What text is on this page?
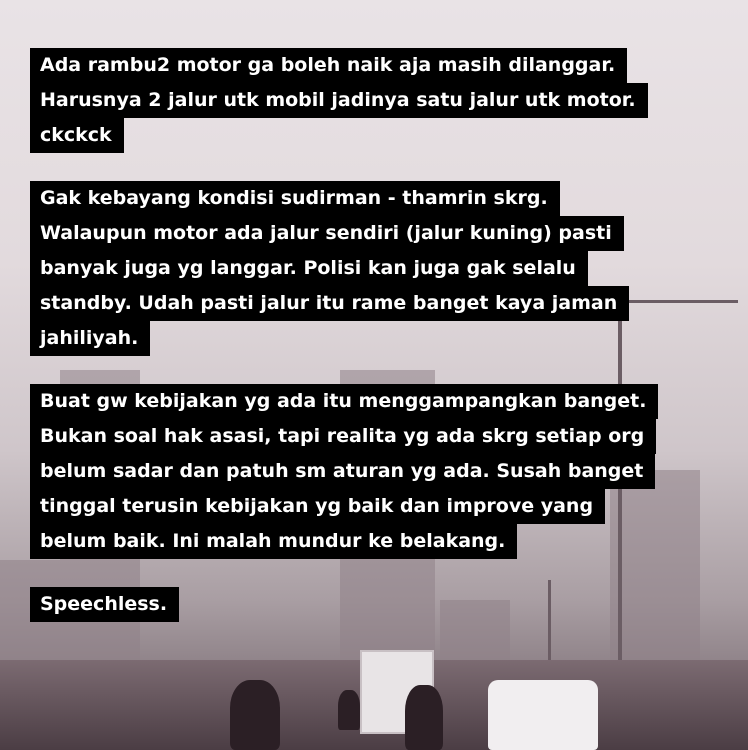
Ada rambu2 motor ga boleh naik aja masih dilanggar.
Harusnya 2 jalur utk mobil jadinya satu jalur utk motor.
ckckck
Gak kebayang kondisi sudirman - thamrin skrg.
Walaupun motor ada jalur sendiri (jalur kuning) pasti
banyak juga yg langgar. Polisi kan juga gak selalu
standby. Udah pasti jalur itu rame banget kaya jaman
jahiliyah.
Buat gw kebijakan yg ada itu menggampangkan banget.
Bukan soal hak asasi, tapi realita yg ada skrg setiap org
belum sadar dan patuh sm aturan yg ada. Susah banget
tinggal terusin kebijakan yg baik dan improve yang
belum baik. Ini malah mundur ke belakang.
Speechless.
